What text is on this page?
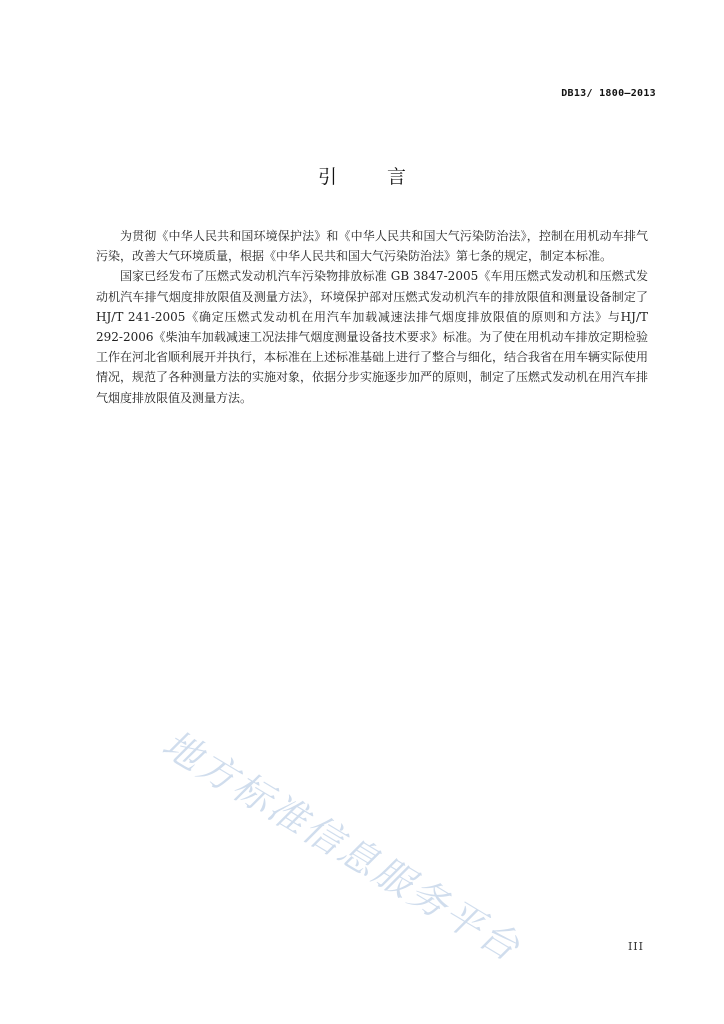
DB13/ 1800—2013
引	言

为贯彻《中华人民共和国环境保护法》和《中华人民共和国大气污染防治法》，控制在用机动车排气污染，改善大气环境质量，根据《中华人民共和国大气污染防治法》第七条的规定，制定本标准。

国家已经发布了压燃式发动机汽车污染物排放标准 GB 3847-2005《车用压燃式发动机和压燃式发动机汽车排气烟度排放限值及测量方法》，环境保护部对压燃式发动机汽车的排放限值和测量设备制定了HJ/T 241-2005《确定压燃式发动机在用汽车加载减速法排气烟度排放限值的原则和方法》与HJ/T 292-2006《柴油车加载减速工况法排气烟度测量设备技术要求》标准。为了使在用机动车排放定期检验工作在河北省顺利展开并执行，本标准在上述标准基础上进行了整合与细化，结合我省在用车辆实际使用情况，规范了各种测量方法的实施对象，依据分步实施逐步加严的原则，制定了压燃式发动机在用汽车排气烟度排放限值及测量方法。

地方标准信息服务平台	III
